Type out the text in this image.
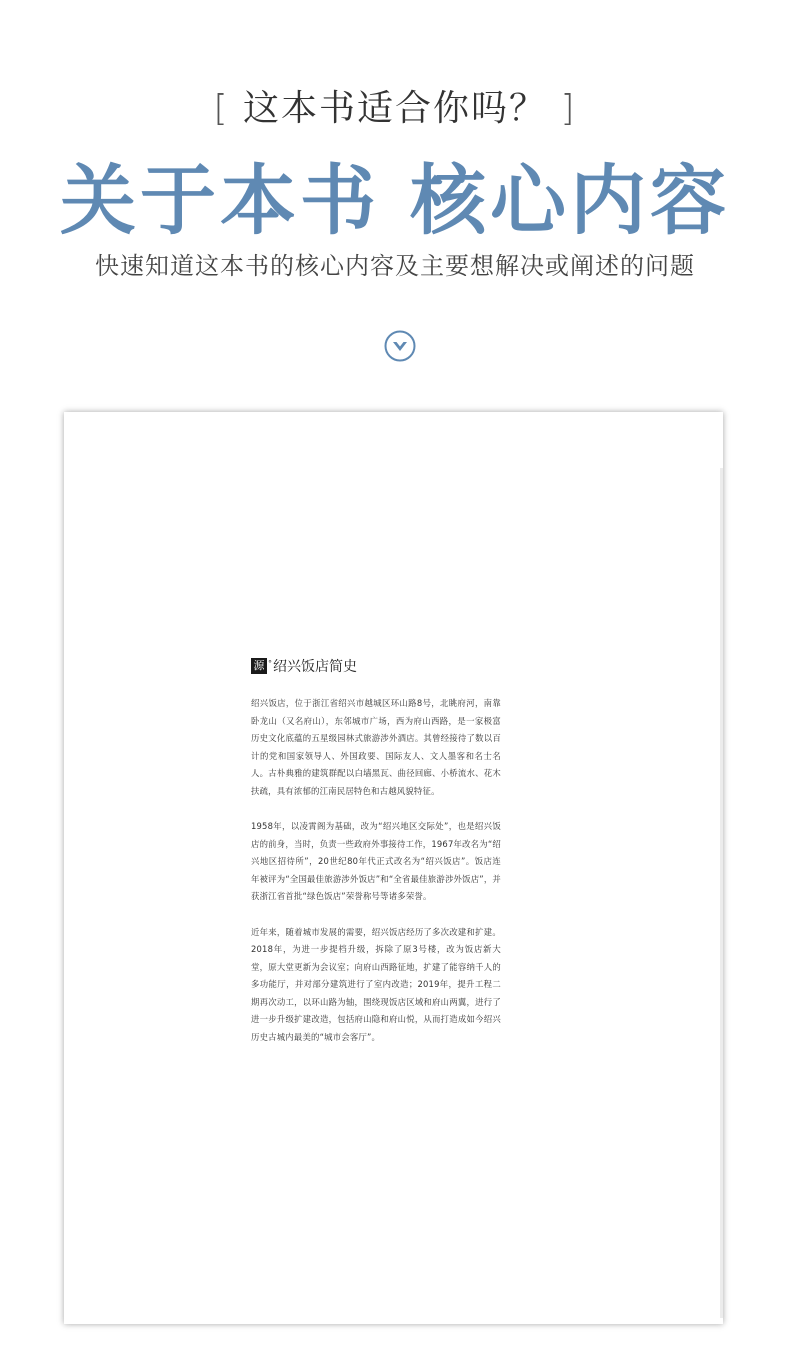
[ 这本书适合你吗？ ]
关于本书 核心内容
快速知道这本书的核心内容及主要想解决或阐述的问题
源 ° 绍兴饭店简史

绍兴饭店，位于浙江省绍兴市越城区环山路8号，北眺府河，南靠卧龙山（又名府山），东邻城市广场，西为府山西路，是一家极富历史文化底蕴的五星级园林式旅游涉外酒店。其曾经接待了数以百计的党和国家领导人、外国政要、国际友人、文人墨客和名士名人。古朴典雅的建筑群配以白墙黑瓦、曲径回廊、小桥流水、花木扶疏，具有浓郁的江南民居特色和古越风貌特征。

1958年，以凌霄阁为基础，改为“绍兴地区交际处”，也是绍兴饭店的前身，当时，负责一些政府外事接待工作，1967年改名为“绍兴地区招待所”，20世纪80年代正式改名为“绍兴饭店”。饭店连年被评为“全国最佳旅游涉外饭店”和“全省最佳旅游涉外饭店”，并获浙江省首批“绿色饭店”荣誉称号等诸多荣誉。

近年来，随着城市发展的需要，绍兴饭店经历了多次改建和扩建。2018年，为进一步提档升级，拆除了原3号楼，改为饭店新大堂，原大堂更新为会议室；向府山西路征地，扩建了能容纳千人的多功能厅，并对部分建筑进行了室内改造；2019年，提升工程二期再次动工，以环山路为轴，围绕现饭店区域和府山两翼，进行了进一步升级扩建改造，包括府山隐和府山悦，从而打造成如今绍兴历史古城内最美的“城市会客厅”。
